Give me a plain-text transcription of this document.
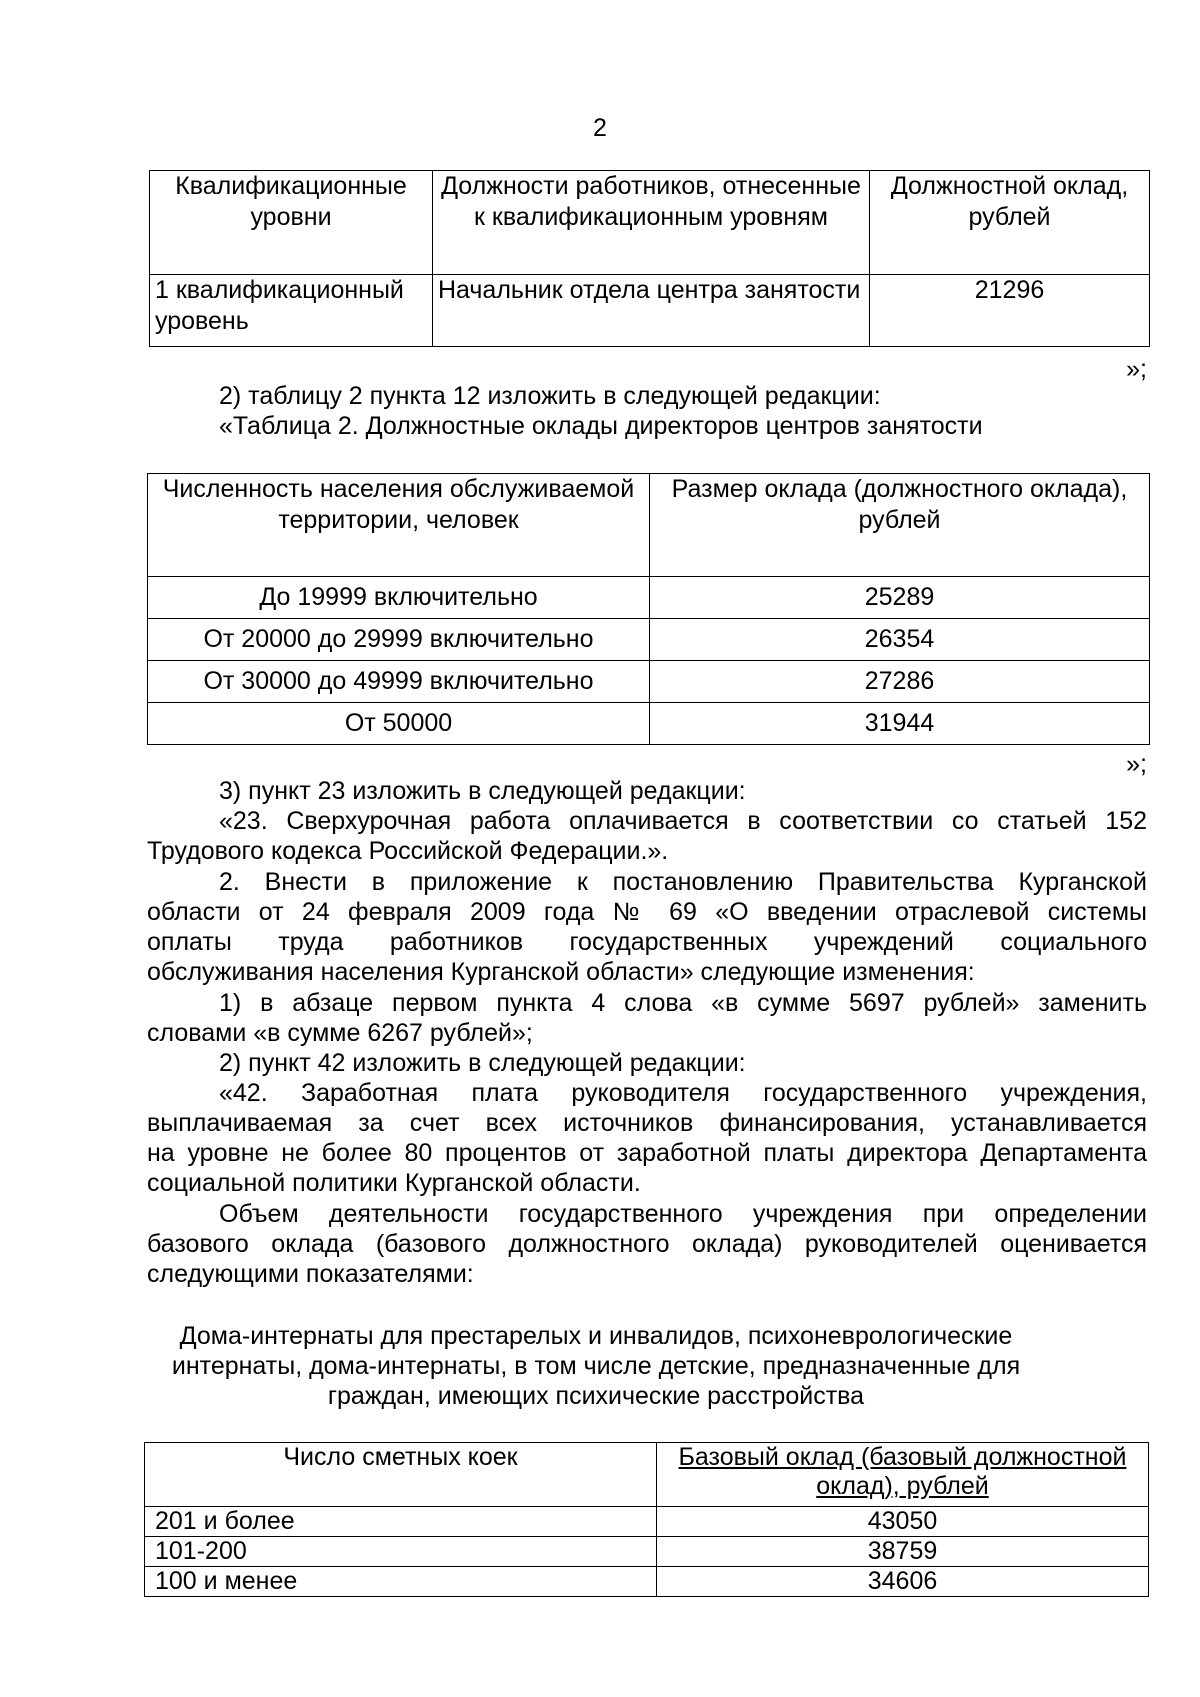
2
Квалификационные уровни	Должности работников, отнесенные к квалификационным уровням	Должностной оклад, рублей
1 квалификационный уровень	Начальник отдела центра занятости	21296
»;
2) таблицу 2 пункта 12 изложить в следующей редакции:
«Таблица 2. Должностные оклады директоров центров занятости
Численность населения обслуживаемой территории, человек	Размер оклада (должностного оклада), рублей
До 19999 включительно	25289
От 20000 до 29999 включительно	26354
От 30000 до 49999 включительно	27286
От 50000	31944
»;
3) пункт 23 изложить в следующей редакции:
«23. Сверхурочная работа оплачивается в соответствии со статьей 152
Трудового кодекса Российской Федерации.».
2. Внести в приложение к постановлению Правительства Курганской
области от 24 февраля 2009 года № 69 «О введении отраслевой системы
оплаты труда работников государственных учреждений социального
обслуживания населения Курганской области» следующие изменения:
1) в абзаце первом пункта 4 слова «в сумме 5697 рублей» заменить
словами «в сумме 6267 рублей»;
2) пункт 42 изложить в следующей редакции:
«42. Заработная плата руководителя государственного учреждения,
выплачиваемая за счет всех источников финансирования, устанавливается
на уровне не более 80 процентов от заработной платы директора Департамента
социальной политики Курганской области.
Объем деятельности государственного учреждения при определении
базового оклада (базового должностного оклада) руководителей оценивается
следующими показателями:
Дома-интернаты для престарелых и инвалидов, психоневрологические
интернаты, дома-интернаты, в том числе детские, предназначенные для
граждан, имеющих психические расстройства
Число сметных коек	Базовый оклад (базовый должностной оклад), рублей
201 и более	43050
101-200	38759
100 и менее	34606
